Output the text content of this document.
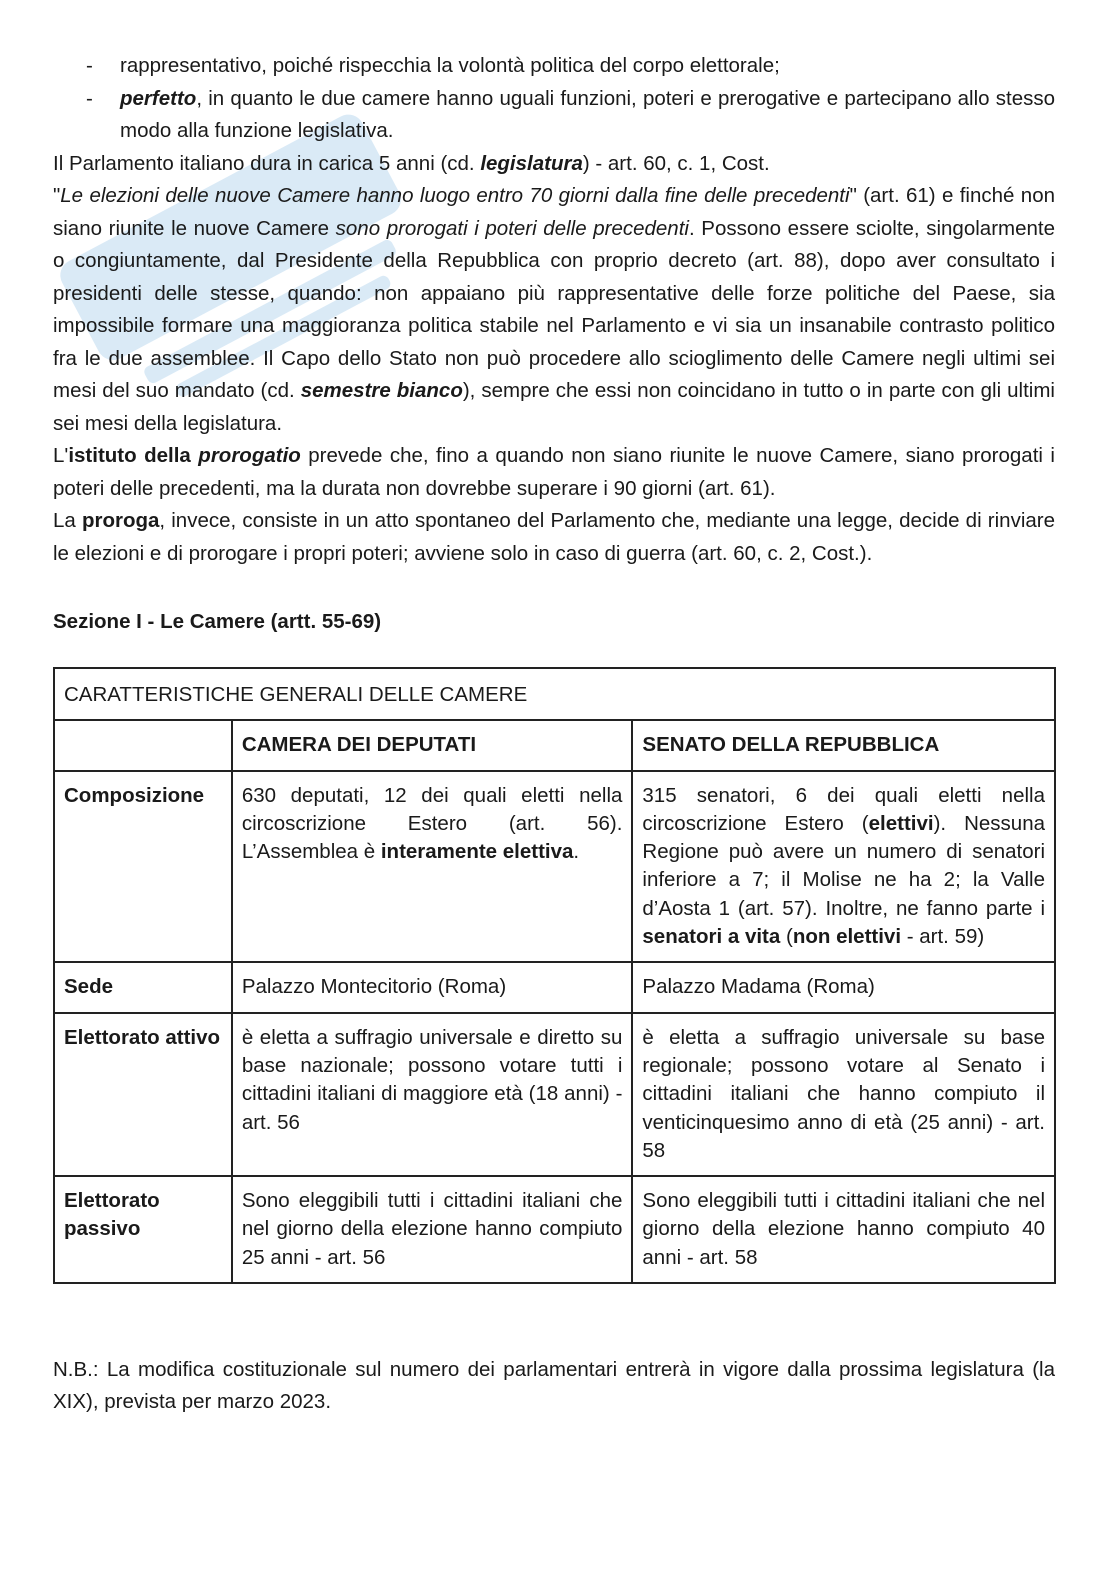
- rappresentativo, poiché rispecchia la volontà politica del corpo elettorale;
- perfetto, in quanto le due camere hanno uguali funzioni, poteri e prerogative e partecipano allo stesso modo alla funzione legislativa.

Il Parlamento italiano dura in carica 5 anni (cd. legislatura) - art. 60, c. 1, Cost.

"Le elezioni delle nuove Camere hanno luogo entro 70 giorni dalla fine delle precedenti" (art. 61) e finché non siano riunite le nuove Camere sono prorogati i poteri delle precedenti. Possono essere sciolte, singolarmente o congiuntamente, dal Presidente della Repubblica con proprio decreto (art. 88), dopo aver consultato i presidenti delle stesse, quando: non appaiano più rappresentative delle forze politiche del Paese, sia impossibile formare una maggioranza politica stabile nel Parlamento e vi sia un insanabile contrasto politico fra le due assemblee. Il Capo dello Stato non può procedere allo scioglimento delle Camere negli ultimi sei mesi del suo mandato (cd. semestre bianco), sempre che essi non coincidano in tutto o in parte con gli ultimi sei mesi della legislatura.

L'istituto della prorogatio prevede che, fino a quando non siano riunite le nuove Camere, siano prorogati i poteri delle precedenti, ma la durata non dovrebbe superare i 90 giorni (art. 61).

La proroga, invece, consiste in un atto spontaneo del Parlamento che, mediante una legge, decide di rinviare le elezioni e di prorogare i propri poteri; avviene solo in caso di guerra (art. 60, c. 2, Cost.).

Sezione I - Le Camere (artt. 55-69)

CARATTERISTICHE GENERALI DELLE CAMERE		
	CAMERA DEI DEPUTATI	SENATO DELLA REPUBBLICA
Composizione	630 deputati, 12 dei quali eletti nella circoscrizione Estero (art. 56). L’Assemblea è interamente elettiva.	315 senatori, 6 dei quali eletti nella circoscrizione Estero (elettivi). Nessuna Regione può avere un numero di senatori inferiore a 7; il Molise ne ha 2; la Valle d’Aosta 1 (art. 57). Inoltre, ne fanno parte i senatori a vita (non elettivi - art. 59)
Sede	Palazzo Montecitorio (Roma)	Palazzo Madama (Roma)
Elettorato attivo	è eletta a suffragio universale e diretto su base nazionale; possono votare tutti i cittadini italiani di maggiore età (18 anni) - art. 56	è eletta a suffragio universale su base regionale; possono votare al Senato i cittadini italiani che hanno compiuto il venticinquesimo anno di età (25 anni) - art. 58
Elettorato passivo	Sono eleggibili tutti i cittadini italiani che nel giorno della elezione hanno compiuto 25 anni - art. 56	Sono eleggibili tutti i cittadini italiani che nel giorno della elezione hanno compiuto 40 anni - art. 58

N.B.: La modifica costituzionale sul numero dei parlamentari entrerà in vigore dalla prossima legislatura (la XIX), prevista per marzo 2023.
